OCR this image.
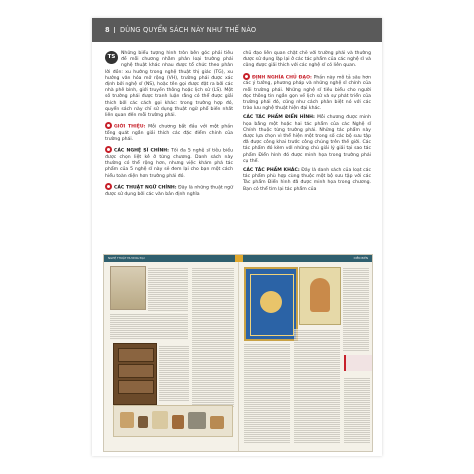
8 DÙNG QUYỂN SÁCH NÀY NHƯ THẾ NÀO

TS
Những biểu tượng hình tròn bên góc phải tiêu đề mỗi chương nhằm phân loại trường phái nghệ thuật khác nhau được tổ chức theo phân lời đồn: xu hướng trong nghệ thuật thị giác (TG), xu hướng văn hóa mở rộng (VH), trường phái được xác định bởi nghệ sĩ (NS), hoặc tên gọi được đặt ra bởi các nhà phê bình, giới truyền thông hoặc lịch sử (LS). Một số trường phái được tranh luận rằng có thể được giải thích bởi các cách gọi khác: trong trường hợp đó, quyển sách này chỉ sử dụng thuật ngữ phổ biến nhất liên quan đến mỗi trường phái.

GIỚI THIỆU: Mỗi chương bắt đầu với một phần tổng quát ngắn giải thích các đặc điểm chính của trường phái.

CÁC NGHỆ SĨ CHÍNH: Tối đa 5 nghệ sĩ tiêu biểu được chọn liệt kê ở từng chương. Danh sách này thường có thể rộng hơn, nhưng việc khám phá tác phẩm của 5 nghệ sĩ này sẽ đem lại cho bạn một cách hiểu toàn diện hơn trường phái đó.

CÁC THUẬT NGỮ CHÍNH: Đây là những thuật ngữ được sử dụng bởi các văn bản định nghĩa

chủ đạo liên quan chặt chẽ với trường phái và thường được sử dụng lặp lại ở các tác phẩm của các nghệ sĩ và cũng được giải thích với các nghệ sĩ có liên quan.

ĐỊNH NGHĨA CHỦ ĐẠO: Phần này mô tả sâu hơn các ý tưởng, phương pháp và những nghệ sĩ chính của mỗi trường phái. Những nghệ sĩ tiêu biểu cho người đọc thông tin ngắn gọn về lịch sử và sự phát triển của trường phái đó, cũng như cách phân biệt nó với các trào lưu nghệ thuật hiện đại khác.

CÁC TÁC PHẨM ĐIỂN HÌNH: Mỗi chương được minh họa bằng một hoặc hai tác phẩm của các Nghệ sĩ Chính thuộc từng trường phái. Những tác phẩm này được lựa chọn vì thể hiện một trong số các bộ sưu tập đã được công khai trước công chúng trên thế giới. Các tác phẩm đó kèm với những chú giải lý giải tại sao tác phẩm Điển hình đó được minh họa trong trường phái cụ thể.

CÁC TÁC PHẨM KHÁC: Đây là danh sách của loạt các tác phẩm phù hợp cùng thuộc một bộ sưu tập với các Tác phẩm Điển hình đã được minh họa trong chương. Bạn có thể tìm lại tác phẩm của

NGHỆ THUẬT ĐƯƠNG ĐẠI	DIỄN BIẾN
